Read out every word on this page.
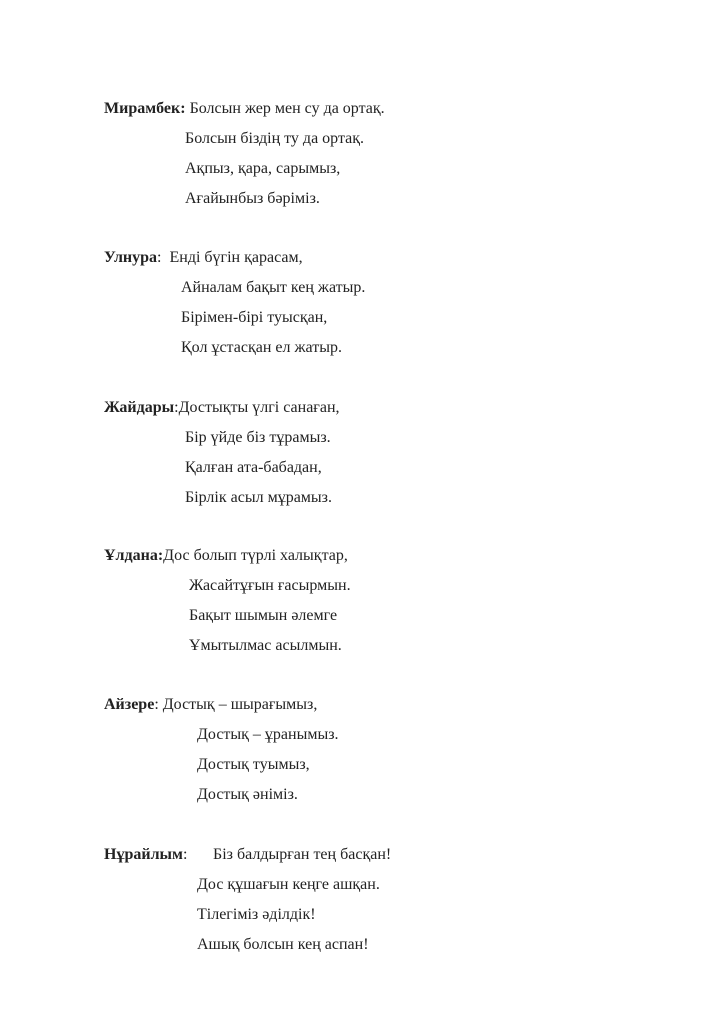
Мирамбек: Болсын жер мен су да ортақ.
Болсын біздің ту да ортақ.
Ақпыз, қара, сарымыз,
Ағайынбыз бәріміз.
Улнура:  Енді бүгін қарасам,
Айналам бақыт кең жатыр.
Бірімен-бірі туысқан,
Қол ұстасқан ел жатыр.
Жайдары:Достықты үлгі санаған,
Бір үйде біз тұрамыз.
Қалған ата-бабадан,
Бірлік асыл мұрамыз.
Ұлдана:Дос болып түрлі халықтар,
Жасайтұғын ғасырмын.
Бақыт шымын әлемге
Ұмытылмас асылмын.
Айзере: Достық – шырағымыз,
Достық – ұранымыз.
Достық туымыз,
Достық әніміз.
Нұрайлым: Біз балдырған тең басқан!
Дос құшағын кеңге ашқан.
Тілегіміз әділдік!
Ашық болсын кең аспан!
